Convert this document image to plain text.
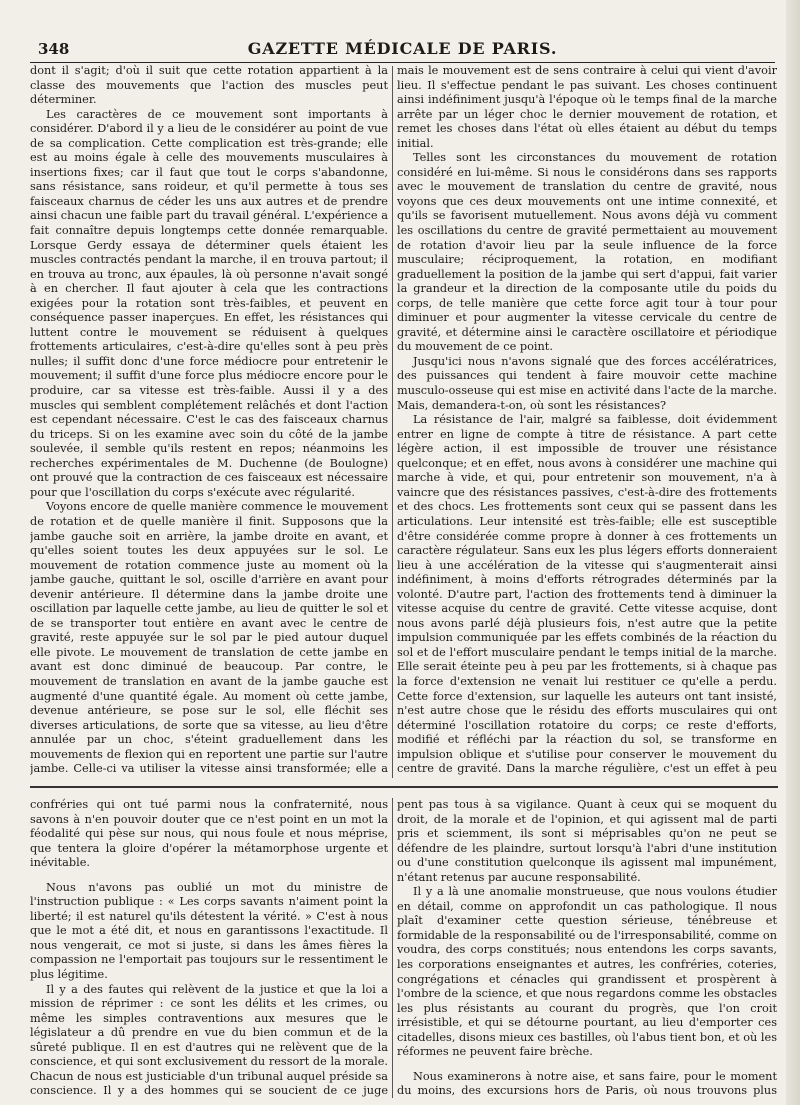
348	GAZETTE MÉDICALE DE PARIS.

dont il s'agit; d'où il suit que cette rotation appartient à la classe des mouvements que l'action des muscles peut déterminer.

Les caractères de ce mouvement sont importants à considérer. D'abord il y a lieu de le considérer au point de vue de sa complication. Cette complication est très-grande; elle est au moins égale à celle des mouvements musculaires à insertions fixes; car il faut que tout le corps s'abandonne, sans résistance, sans roideur, et qu'il permette à tous ses faisceaux charnus de céder les uns aux autres et de prendre ainsi chacun une faible part du travail général. L'expérience a fait connaître depuis longtemps cette donnée remarquable. Lorsque Gerdy essaya de déterminer quels étaient les muscles contractés pendant la marche, il en trouva partout; il en trouva au tronc, aux épaules, là où personne n'avait songé à en chercher. Il faut ajouter à cela que les contractions exigées pour la rotation sont très-faibles, et peuvent en conséquence passer inaperçues. En effet, les résistances qui luttent contre le mouvement se réduisent à quelques frottements articulaires, c'est-à-dire qu'elles sont à peu près nulles; il suffit donc d'une force médiocre pour entretenir le mouvement; il suffit d'une force plus médiocre encore pour le produire, car sa vitesse est très-faible. Aussi il y a des muscles qui semblent complétement relâchés et dont l'action est cependant nécessaire. C'est le cas des faisceaux charnus du triceps. Si on les examine avec soin du côté de la jambe soulevée, il semble qu'ils restent en repos; néanmoins les recherches expérimentales de M. Duchenne (de Boulogne) ont prouvé que la contraction de ces faisceaux est nécessaire pour que l'oscillation du corps s'exécute avec régularité.

Voyons encore de quelle manière commence le mouvement de rotation et de quelle manière il finit. Supposons que la jambe gauche soit en arrière, la jambe droite en avant, et qu'elles soient toutes les deux appuyées sur le sol. Le mouvement de rotation commence juste au moment où la jambe gauche, quittant le sol, oscille d'arrière en avant pour devenir antérieure. Il détermine dans la jambe droite une oscillation par laquelle cette jambe, au lieu de quitter le sol et de se transporter tout entière en avant avec le centre de gravité, reste appuyée sur le sol par le pied autour duquel elle pivote. Le mouvement de translation de cette jambe en avant est donc diminué de beaucoup. Par contre, le mouvement de translation en avant de la jambe gauche est augmenté d'une quantité égale. Au moment où cette jambe, devenue antérieure, se pose sur le sol, elle fléchit ses diverses articulations, de sorte que sa vitesse, au lieu d'être annulée par un choc, s'éteint graduellement dans les mouvements de flexion qui en reportent une partie sur l'autre jambe. Celle-ci va utiliser la vitesse ainsi transformée; elle a

mais le mouvement est de sens contraire à celui qui vient d'avoir lieu. Il s'effectue pendant le pas suivant. Les choses continuent ainsi indéfiniment jusqu'à l'époque où le temps final de la marche arrête par un léger choc le dernier mouvement de rotation, et remet les choses dans l'état où elles étaient au début du temps initial.

Telles sont les circonstances du mouvement de rotation considéré en lui-même. Si nous le considérons dans ses rapports avec le mouvement de translation du centre de gravité, nous voyons que ces deux mouvements ont une intime connexité, et qu'ils se favorisent mutuellement. Nous avons déjà vu comment les oscillations du centre de gravité permettaient au mouvement de rotation d'avoir lieu par la seule influence de la force musculaire; réciproquement, la rotation, en modifiant graduellement la position de la jambe qui sert d'appui, fait varier la grandeur et la direction de la composante utile du poids du corps, de telle manière que cette force agit tour à tour pour diminuer et pour augmenter la vitesse cervicale du centre de gravité, et détermine ainsi le caractère oscillatoire et périodique du mouvement de ce point.

Jusqu'ici nous n'avons signalé que des forces accélératrices, des puissances qui tendent à faire mouvoir cette machine musculo-osseuse qui est mise en activité dans l'acte de la marche. Mais, demandera-t-on, où sont les résistances?

La résistance de l'air, malgré sa faiblesse, doit évidemment entrer en ligne de compte à titre de résistance. A part cette légère action, il est impossible de trouver une résistance quelconque; et en effet, nous avons à considérer une machine qui marche à vide, et qui, pour entretenir son mouvement, n'a à vaincre que des résistances passives, c'est-à-dire des frottements et des chocs. Les frottements sont ceux qui se passent dans les articulations. Leur intensité est très-faible; elle est susceptible d'être considérée comme propre à donner à ces frottements un caractère régulateur. Sans eux les plus légers efforts donneraient lieu à une accélération de la vitesse qui s'augmenterait ainsi indéfiniment, à moins d'efforts rétrogrades déterminés par la volonté. D'autre part, l'action des frottements tend à diminuer la vitesse acquise du centre de gravité. Cette vitesse acquise, dont nous avons parlé déjà plusieurs fois, n'est autre que la petite impulsion communiquée par les effets combinés de la réaction du sol et de l'effort musculaire pendant le temps initial de la marche. Elle serait éteinte peu à peu par les frottements, si à chaque pas la force d'extension ne venait lui restituer ce qu'elle a perdu. Cette force d'extension, sur laquelle les auteurs ont tant insisté, n'est autre chose que le résidu des efforts musculaires qui ont déterminé l'oscillation rotatoire du corps; ce reste d'efforts, modifié et réfléchi par la réaction du sol, se transforme en impulsion oblique et s'utilise pour conserver le mouvement du centre de gravité. Dans la marche régulière, c'est un effet à peu

confréries qui ont tué parmi nous la confraternité, nous savons à n'en pouvoir douter que ce n'est point en un mot la féodalité qui pèse sur nous, qui nous foule et nous méprise, que tentera la gloire d'opérer la métamorphose urgente et inévitable.

Nous n'avons pas oublié un mot du ministre de l'instruction publique : « Les corps savants n'aiment point la liberté; il est naturel qu'ils détestent la vérité. » C'est à nous que le mot a été dit, et nous en garantissons l'exactitude. Il nous vengerait, ce mot si juste, si dans les âmes fières la compassion ne l'emportait pas toujours sur le ressentiment le plus légitime.

Il y a des fautes qui relèvent de la justice et que la loi a mission de réprimer : ce sont les délits et les crimes, ou même les simples contraventions aux mesures que le législateur a dû prendre en vue du bien commun et de la sûreté publique. Il en est d'autres qui ne relèvent que de la conscience, et qui sont exclusivement du ressort de la morale. Chacun de nous est justiciable d'un tribunal auquel préside sa conscience. Il y a des hommes qui se soucient de ce juge

pent pas tous à sa vigilance. Quant à ceux qui se moquent du droit, de la morale et de l'opinion, et qui agissent mal de parti pris et sciemment, ils sont si méprisables qu'on ne peut se défendre de les plaindre, surtout lorsqu'à l'abri d'une institution ou d'une constitution quelconque ils agissent mal impunément, n'étant retenus par aucune responsabilité.

Il y a là une anomalie monstrueuse, que nous voulons étudier en détail, comme on approfondit un cas pathologique. Il nous plaît d'examiner cette question sérieuse, ténébreuse et formidable de la responsabilité ou de l'irresponsabilité, comme on voudra, des corps constitués; nous entendons les corps savants, les corporations enseignantes et autres, les confréries, coteries, congrégations et cénacles qui grandissent et prospèrent à l'ombre de la science, et que nous regardons comme les obstacles les plus résistants au courant du progrès, que l'on croit irrésistible, et qui se détourne pourtant, au lieu d'emporter ces citadelles, disons mieux ces bastilles, où l'abus tient bon, et où les réformes ne peuvent faire brèche.

Nous examinerons à notre aise, et sans faire, pour le moment du moins, des excursions hors de Paris, où nous trouvons plus
